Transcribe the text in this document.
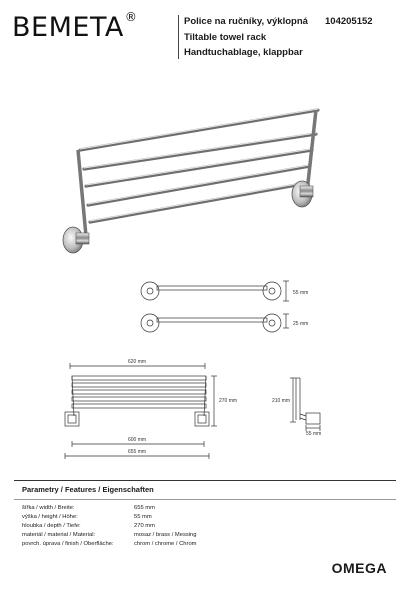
BEMETA®	Police na ručníky, výklopná
Tiltable towel rack
Handtuchablage, klappbar
104205152
55 mm
25 mm
620 mm
270 mm
600 mm
655 mm
210 mm
55 mm
Parametry / Features / Eigenschaften
šířka / width / Breite:	655 mm
výška / height / Höhe:	55 mm
hloubka / depth / Tiefe:	270 mm
materiál / material / Material:	mosaz / brass / Messing
povrch. úprava / finish / Oberfläche:	chrom / chrome / Chrom
OMEGA
